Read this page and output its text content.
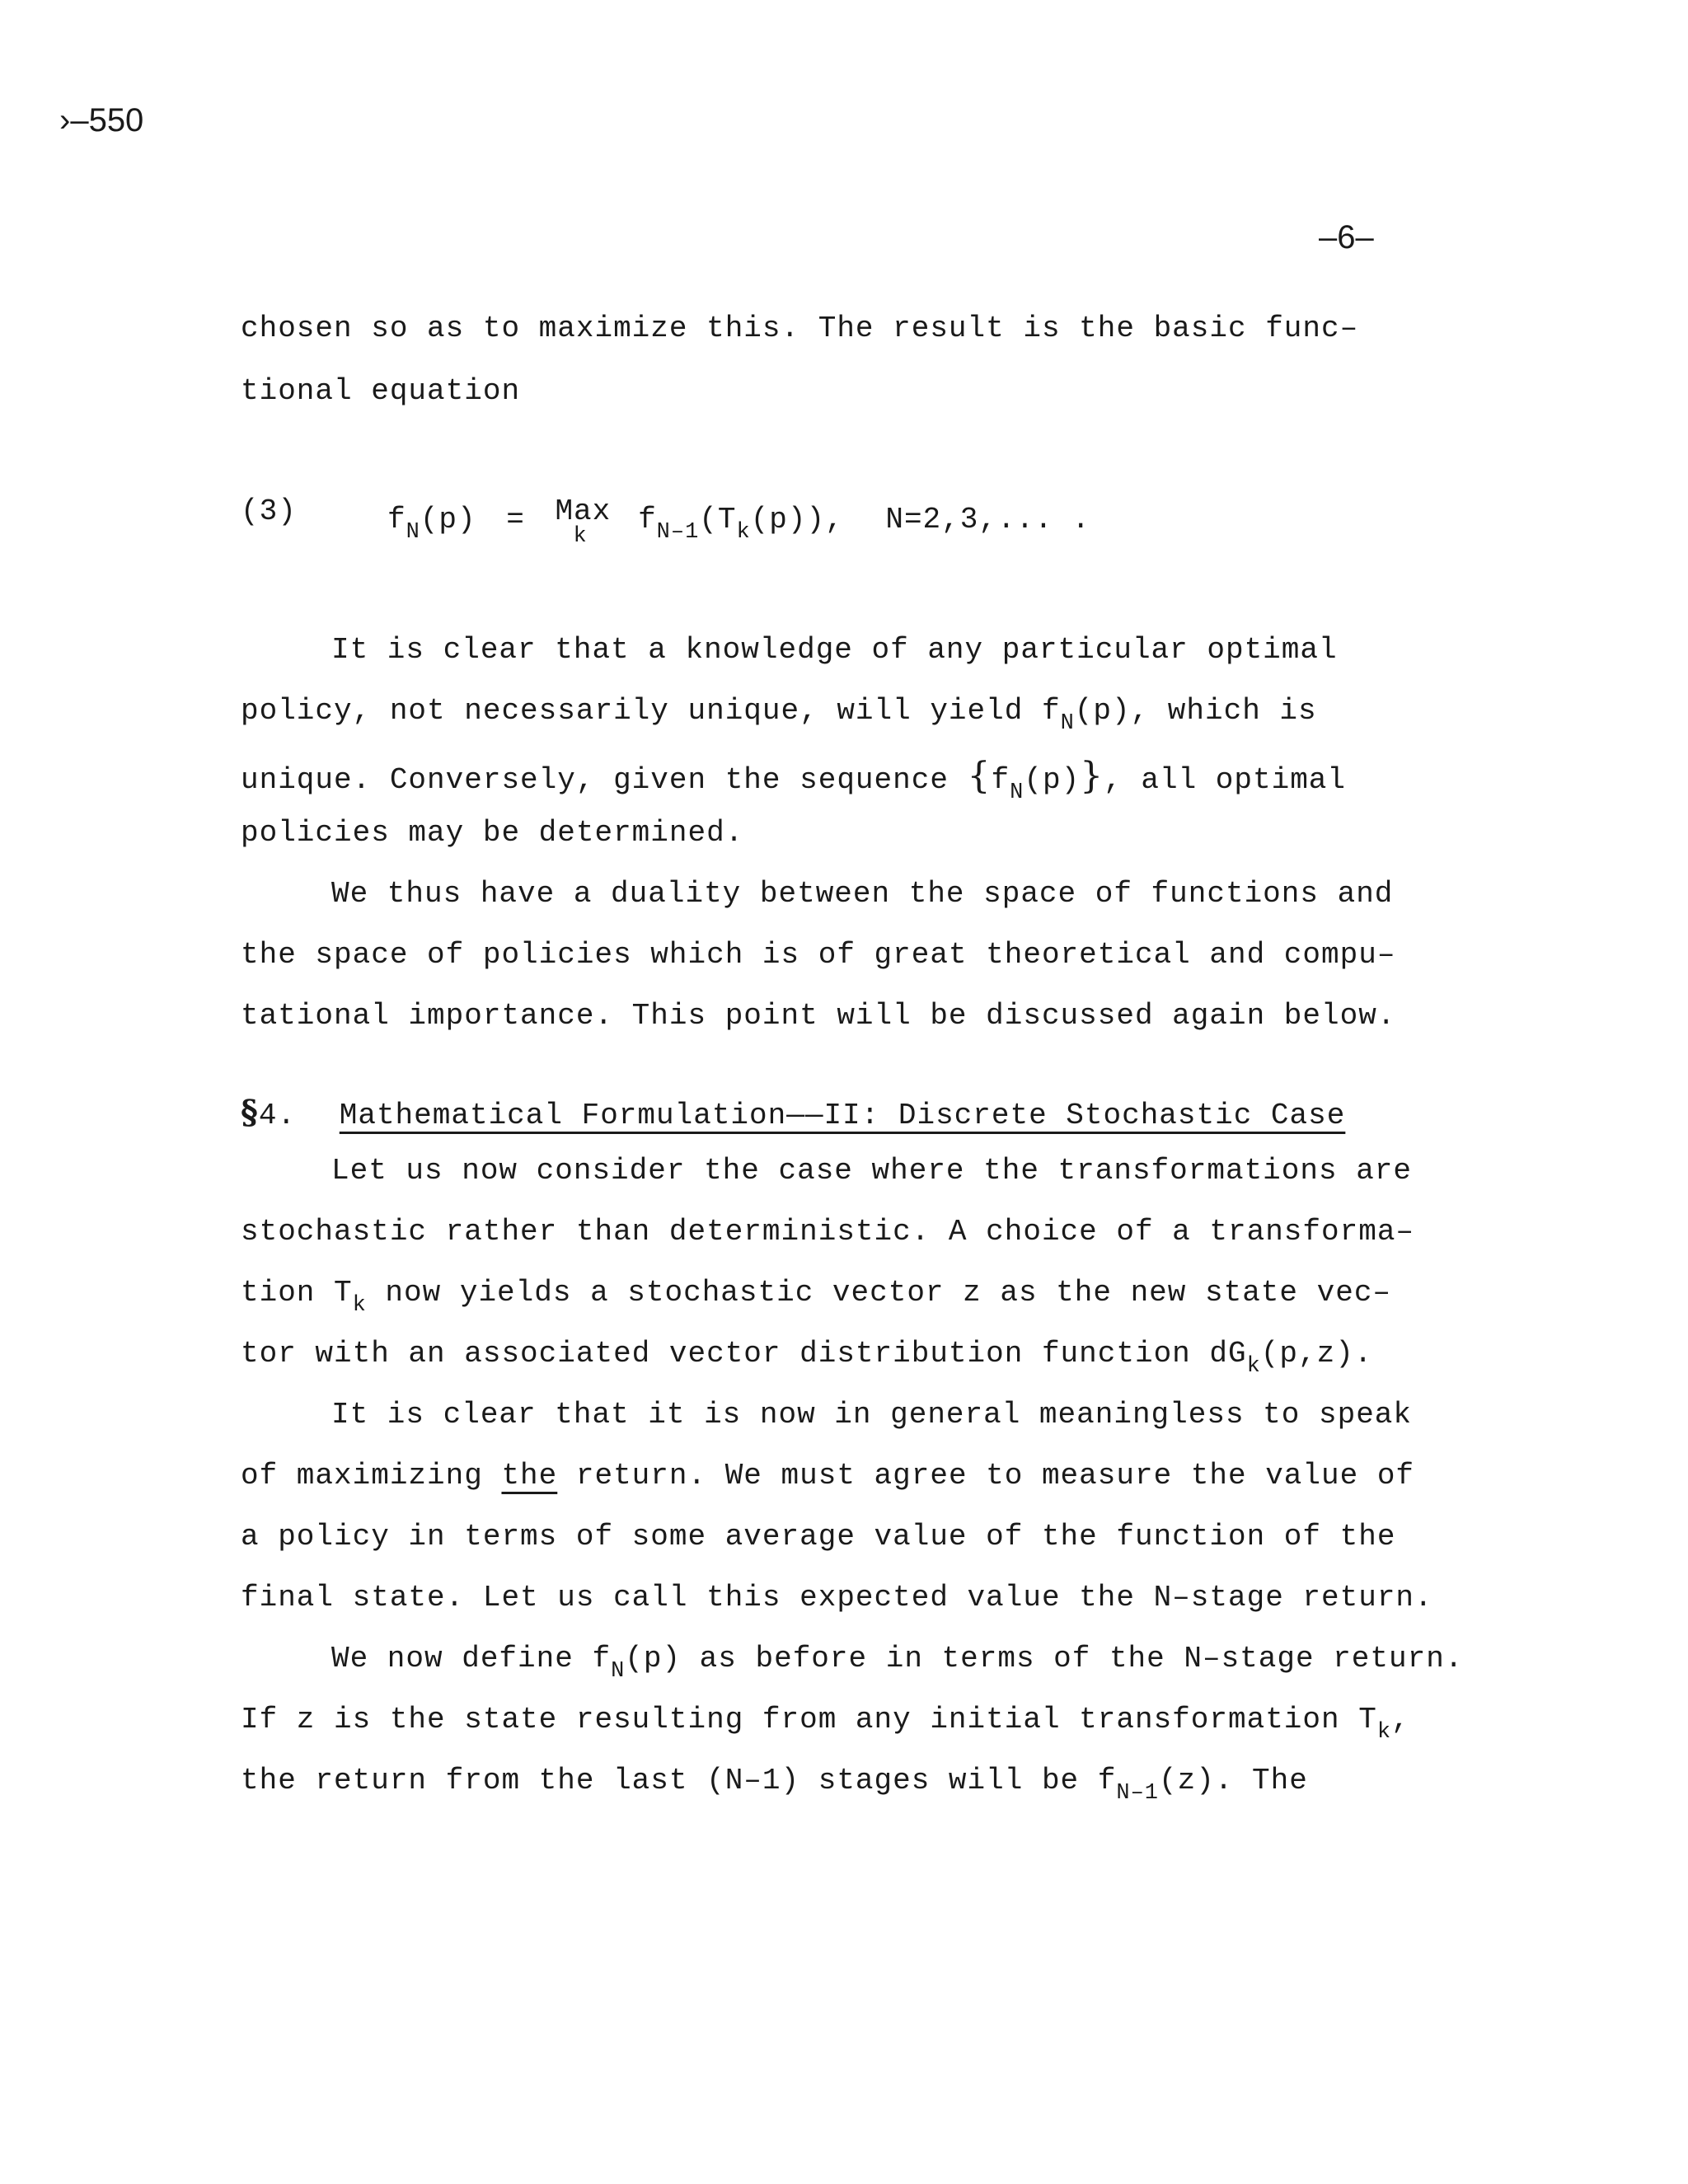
›–550
–6–
chosen so as to maximize this. The result is the basic func–
tional equation
(3)	$f_N(p)$ = Max
k $f_{N-1}(T_k(p))$, N=2,3,... .
It is clear that a knowledge of any particular optimal
policy, not necessarily unique, will yield $f_N(p)$, which is
unique. Conversely, given the sequence $\{f_N(p)\}$, all optimal
policies may be determined.
We thus have a duality between the space of functions and
the space of policies which is of great theoretical and compu–
tational importance. This point will be discussed again below.
§4. Mathematical Formulation——II: Discrete Stochastic Case
Let us now consider the case where the transformations are
stochastic rather than deterministic. A choice of a transforma–
tion $T_k$ now yields a stochastic vector z as the new state vec–
tor with an associated vector distribution function $dG_k(p,z)$.
It is clear that it is now in general meaningless to speak
of maximizing the return. We must agree to measure the value of
a policy in terms of some average value of the function of the
final state. Let us call this expected value the N–stage return.
We now define $f_N(p)$ as before in terms of the N–stage return.
If z is the state resulting from any initial transformation $T_k$,
the return from the last (N–1) stages will be $f_{N-1}(z)$. The
